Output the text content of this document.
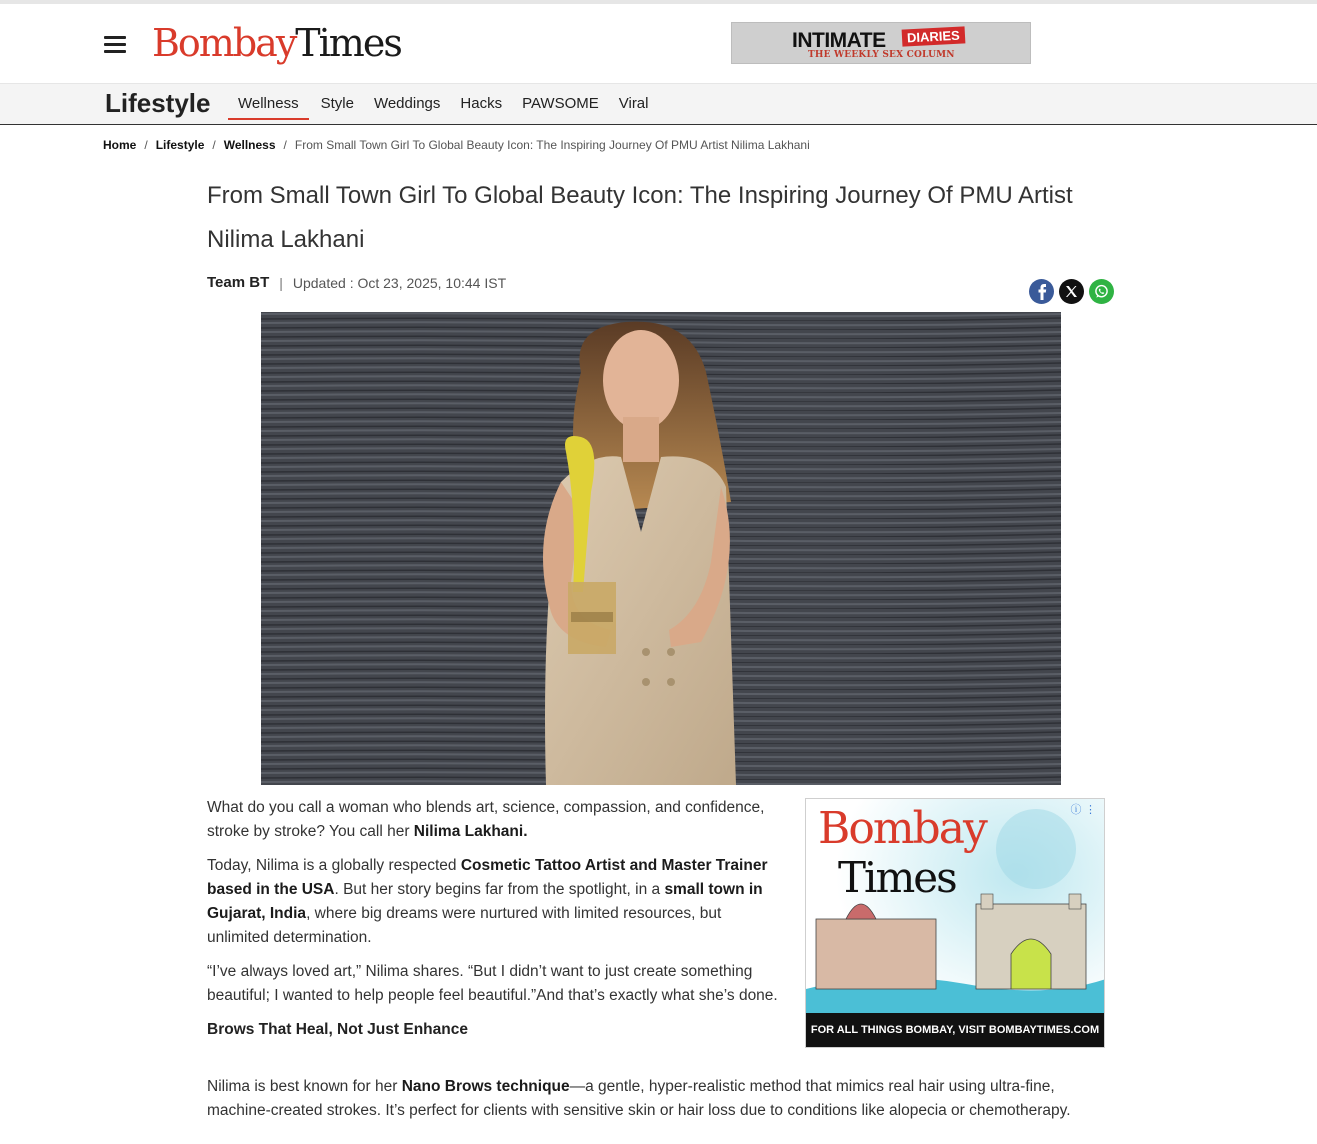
BombayTimes	INTIMATE	DIARIES
THE WEEKLY SEX COLUMN
Lifestyle	Wellness	Style Weddings Hacks PAWSOME Viral
Home / Lifestyle / Wellness / From Small Town Girl To Global Beauty Icon: The Inspiring Journey Of PMU Artist Nilima Lakhani
From Small Town Girl To Global Beauty Icon: The Inspiring Journey Of PMU Artist Nilima Lakhani
Team BT | Updated : Oct 23, 2025, 10:44 IST

What do you call a woman who blends art, science, compassion, and confidence, stroke by stroke? You call her Nilima Lakhani.

Today, Nilima is a globally respected Cosmetic Tattoo Artist and Master Trainer based in the USA. But her story begins far from the spotlight, in a small town in Gujarat, India, where big dreams were nurtured with limited resources, but unlimited determination.

“I’ve always loved art,” Nilima shares. “But I didn’t want to just create something beautiful; I wanted to help people feel beautiful.”And that’s exactly what she’s done.

Brows That Heal, Not Just Enhance

Nilima is best known for her Nano Brows technique—a gentle, hyper-realistic method that mimics real hair using ultra-fine, machine-created strokes. It’s perfect for clients with sensitive skin or hair loss due to conditions like alopecia or chemotherapy.
Bombay
Times
ⓘ ⋮
FOR ALL THINGS BOMBAY, VISIT BOMBAYTIMES.COM
